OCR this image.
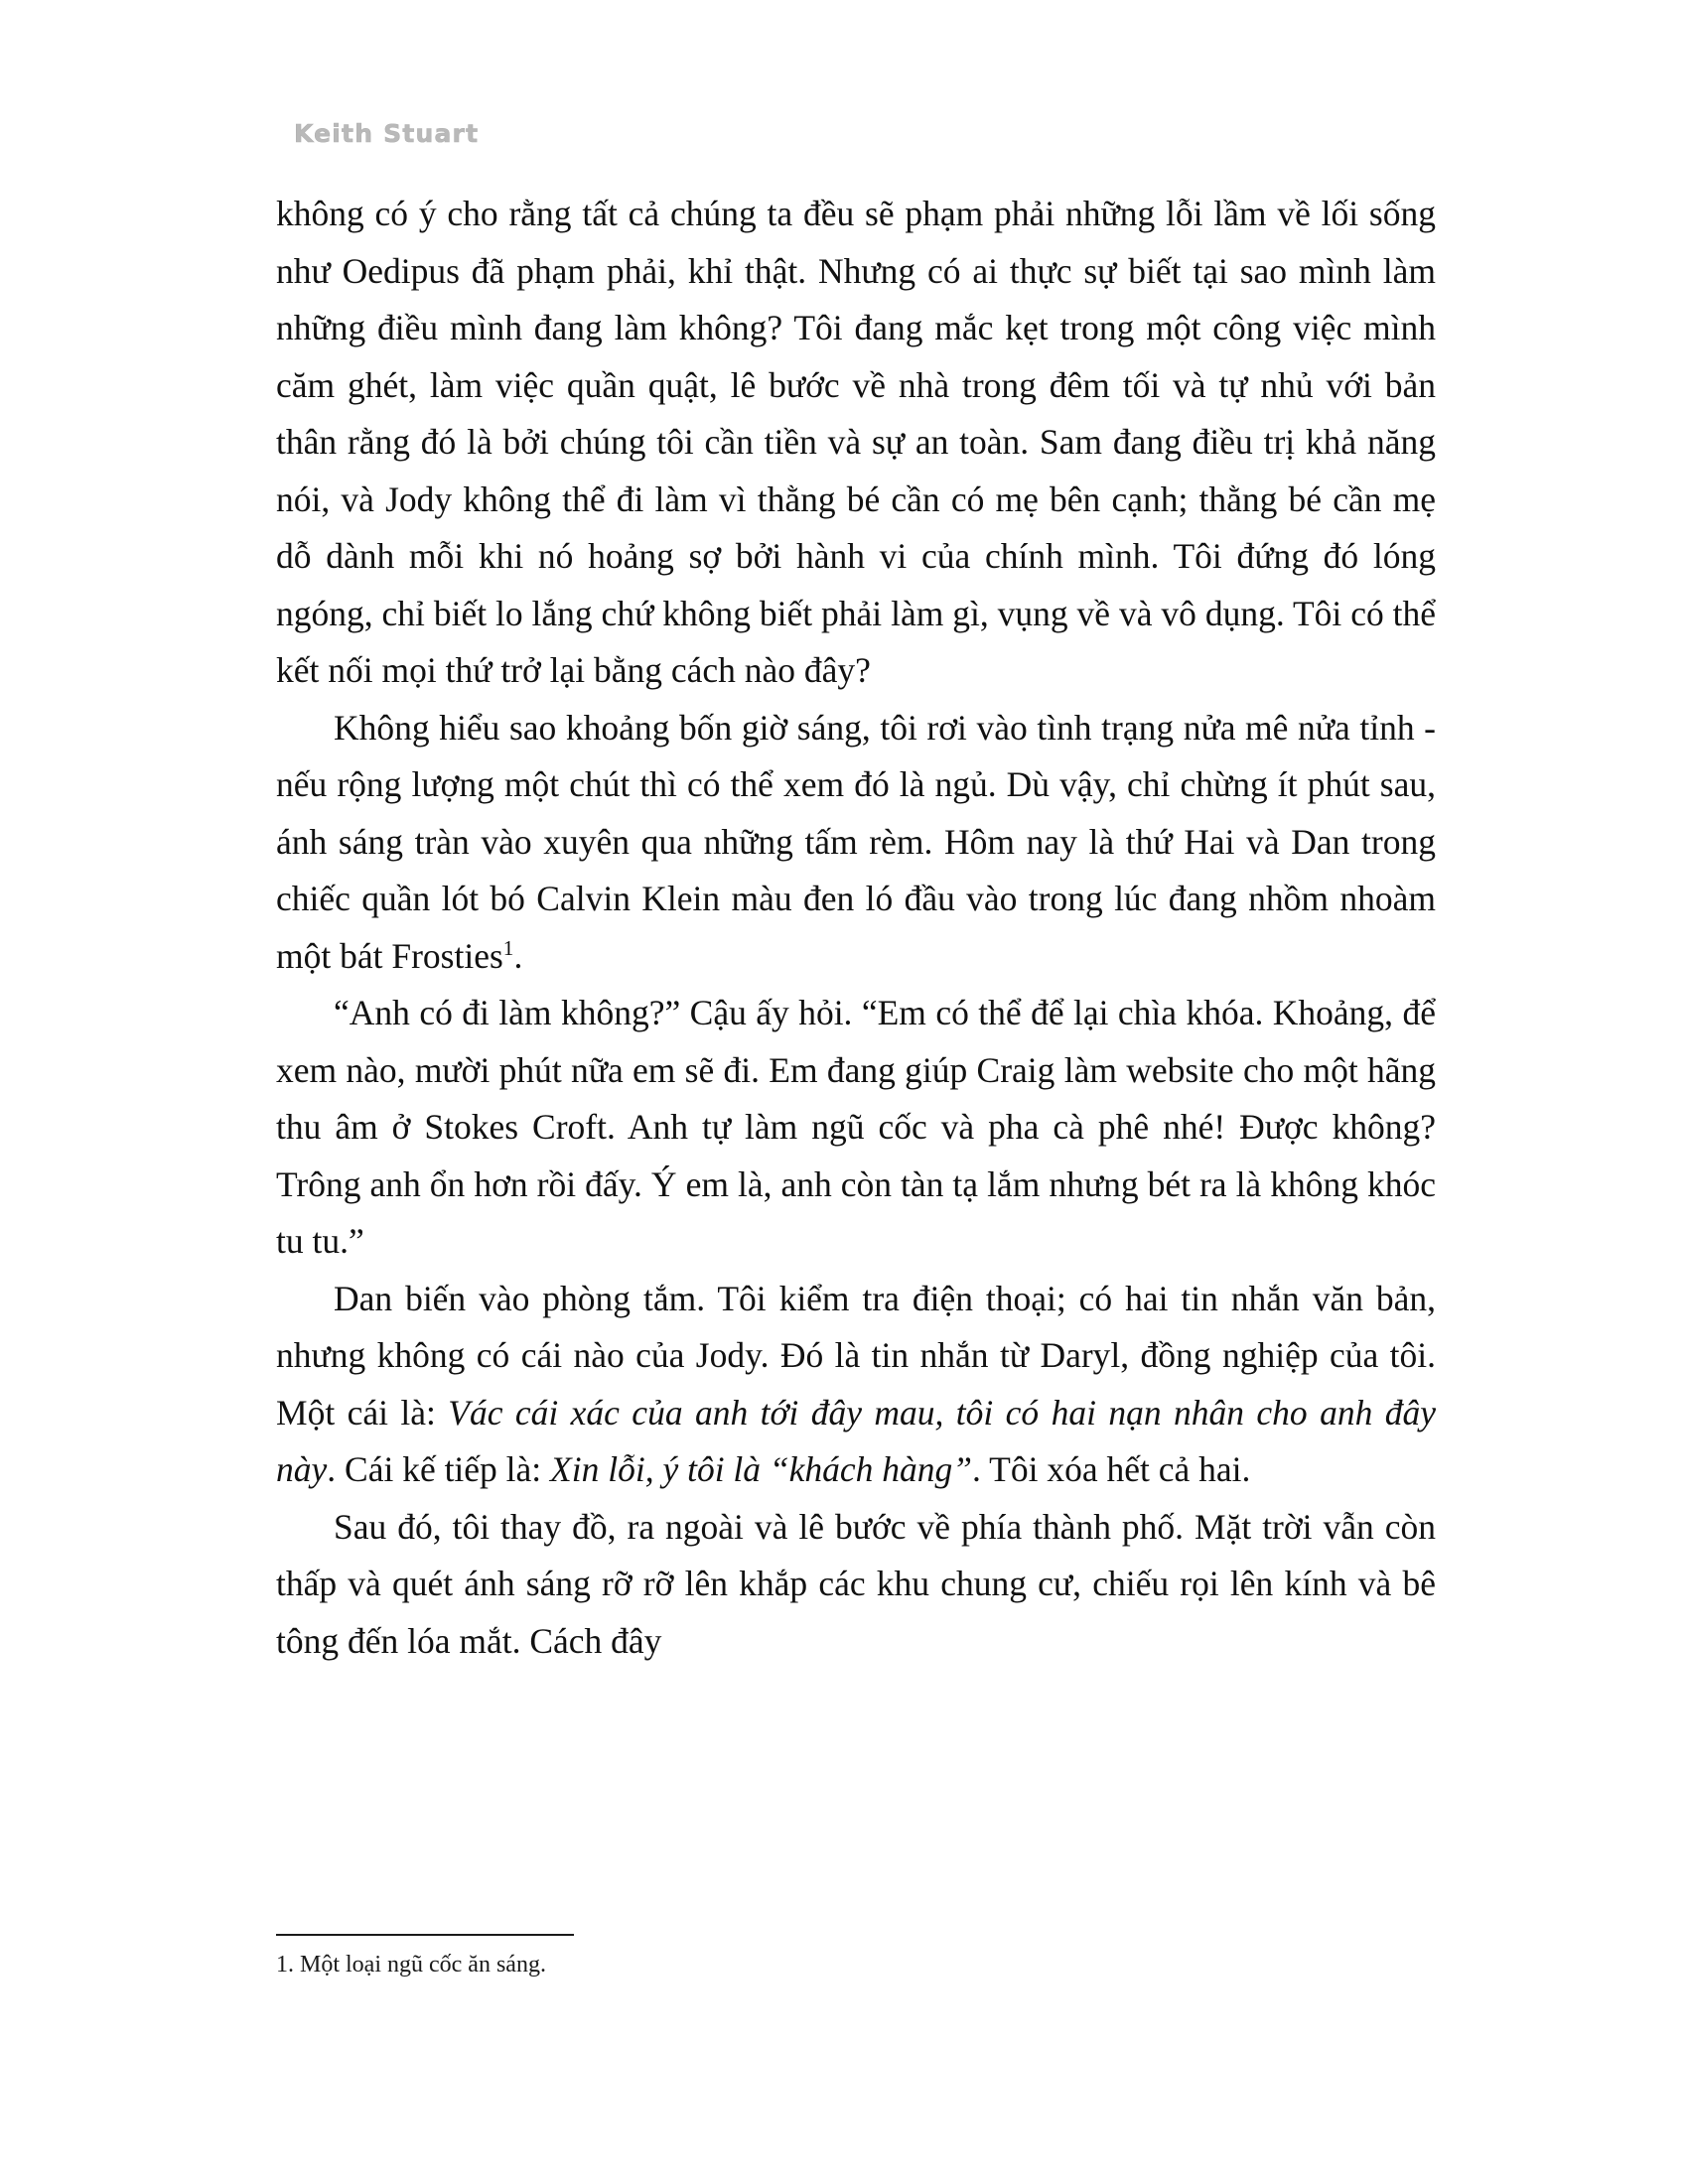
Keith Stuart

không có ý cho rằng tất cả chúng ta đều sẽ phạm phải những lỗi lầm về lối sống như Oedipus đã phạm phải, khỉ thật. Nhưng có ai thực sự biết tại sao mình làm những điều mình đang làm không? Tôi đang mắc kẹt trong một công việc mình căm ghét, làm việc quần quật, lê bước về nhà trong đêm tối và tự nhủ với bản thân rằng đó là bởi chúng tôi cần tiền và sự an toàn. Sam đang điều trị khả năng nói, và Jody không thể đi làm vì thằng bé cần có mẹ bên cạnh; thằng bé cần mẹ dỗ dành mỗi khi nó hoảng sợ bởi hành vi của chính mình. Tôi đứng đó lóng ngóng, chỉ biết lo lắng chứ không biết phải làm gì, vụng về và vô dụng. Tôi có thể kết nối mọi thứ trở lại bằng cách nào đây?

Không hiểu sao khoảng bốn giờ sáng, tôi rơi vào tình trạng nửa mê nửa tỉnh - nếu rộng lượng một chút thì có thể xem đó là ngủ. Dù vậy, chỉ chừng ít phút sau, ánh sáng tràn vào xuyên qua những tấm rèm. Hôm nay là thứ Hai và Dan trong chiếc quần lót bó Calvin Klein màu đen ló đầu vào trong lúc đang nhồm nhoàm một bát Frosties$^1$.

“Anh có đi làm không?” Cậu ấy hỏi. “Em có thể để lại chìa khóa. Khoảng, để xem nào, mười phút nữa em sẽ đi. Em đang giúp Craig làm website cho một hãng thu âm ở Stokes Croft. Anh tự làm ngũ cốc và pha cà phê nhé! Được không? Trông anh ổn hơn rồi đấy. Ý em là, anh còn tàn tạ lắm nhưng bét ra là không khóc tu tu.”

Dan biến vào phòng tắm. Tôi kiểm tra điện thoại; có hai tin nhắn văn bản, nhưng không có cái nào của Jody. Đó là tin nhắn từ Daryl, đồng nghiệp của tôi. Một cái là: Vác cái xác của anh tới đây mau, tôi có hai nạn nhân cho anh đây này. Cái kế tiếp là: Xin lỗi, ý tôi là “khách hàng”. Tôi xóa hết cả hai.

Sau đó, tôi thay đồ, ra ngoài và lê bước về phía thành phố. Mặt trời vẫn còn thấp và quét ánh sáng rỡ rỡ lên khắp các khu chung cư, chiếu rọi lên kính và bê tông đến lóa mắt. Cách đây

1. Một loại ngũ cốc ăn sáng.
